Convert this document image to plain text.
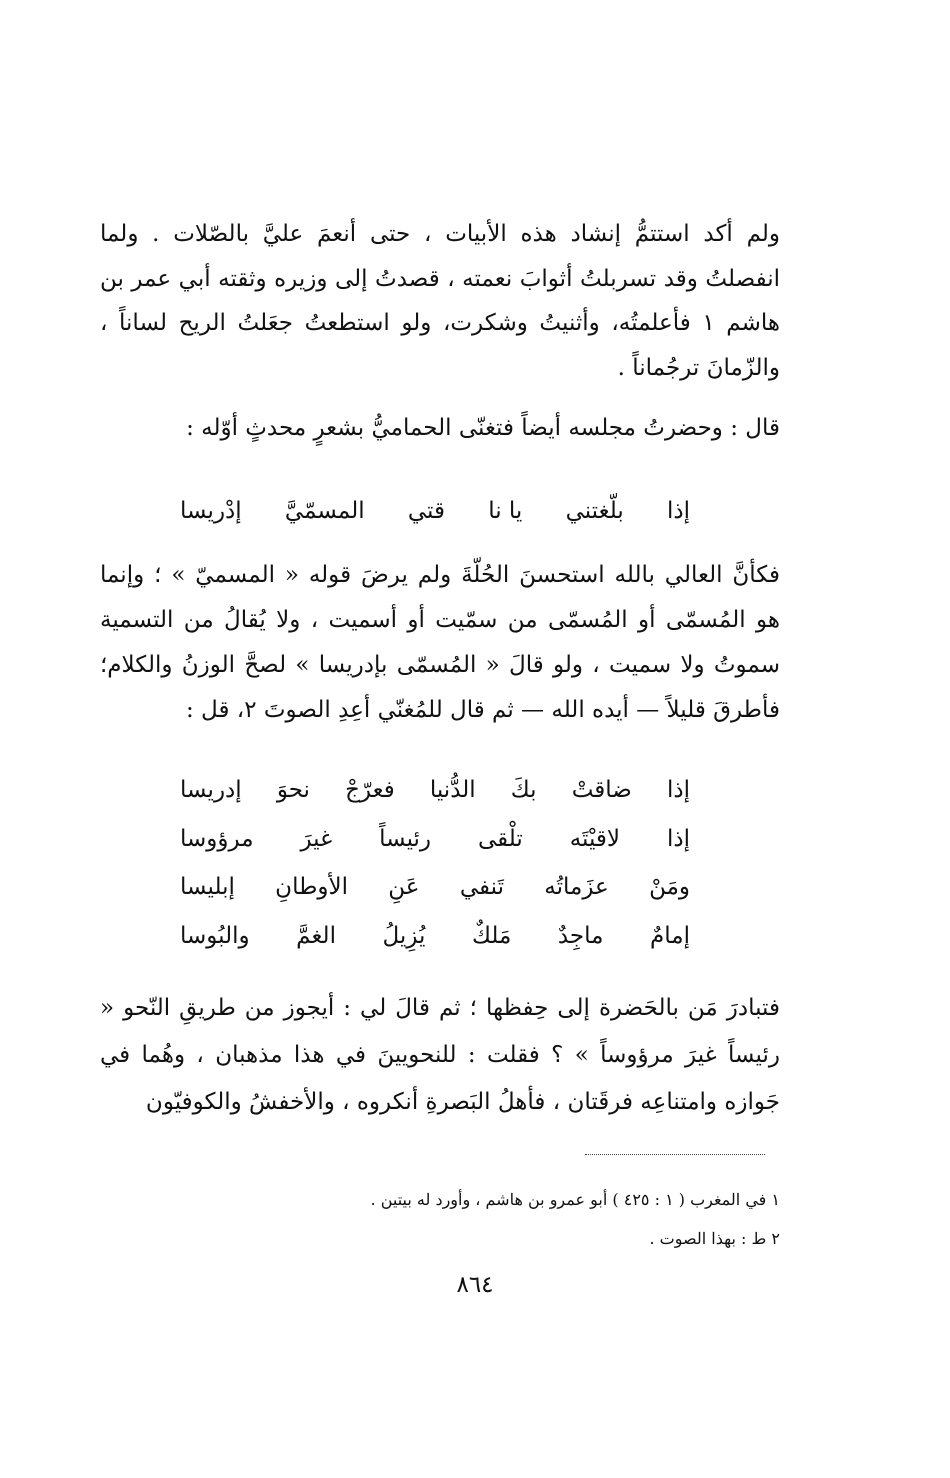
ولم أكد استتمُّ إنشاد هذه الأبيات ، حتى أنعمَ عليَّ بالصّلات . ولما انفصلتُ وقد تسربلتُ أثوابَ نعمته ، قصدتُ إلى وزيره وثقته أبي عمر بن هاشم ١ فأعلمتُه، وأثنيتُ وشكرت، ولو استطعتُ جعَلتُ الريح لساناً ، والزّمانَ ترجُماناً .
قال : وحضرتُ مجلسه أيضاً فتغنّى الحماميُّ بشعرٍ محدثٍ أوّله :
إذا
بلّغتني
يا نا
قتي
المسمّيَّ
إدْريسا
فكأنَّ العالي بالله استحسنَ الحُلّةَ ولم يرضَ قوله « المسميّ » ؛ وإنما هو المُسمّى أو المُسمّى من سمّيت أو أسميت ، ولا يُقالُ من التسمية سموتُ ولا سميت ، ولو قالَ « المُسمّى بإدريسا » لصحَّ الوزنُ والكلام؛ فأطرقَ قليلاً — أيده الله — ثم قال للمُغنّي أعِدِ الصوتَ ٢، قل :
إذا
ضاقتْ
بكَ
الدُّنيا
فعرّجْ
نحوَ
إدريسا
إذا
لاقيْتَه
تلْقى
رئيساً
غيرَ
مرؤوسا
ومَنْ
عزَماتُه
تَنفي
عَنِ
الأوطانِ
إبليسا
إمامٌ
ماجِدٌ
مَلكٌ
يُزِيلُ
الغمَّ
والبُوسا
فتبادرَ مَن بالحَضرة إلى حِفظها ؛ ثم قالَ لي : أيجوز من طريقِ النّحو « رئيساً غيرَ مرؤوساً » ؟ فقلت : للنحويينَ في هذا مذهبان ، وهُما في جَوازه وامتناعِه فرقَتان ، فأهلُ البَصرةِ أنكروه ، والأخفشُ والكوفيّون
١ في المغرب ( ١ : ٤٢٥ ) أبو عمرو بن هاشم ، وأورد له بيتين .
٢ ط : بهذا الصوت .
٨٦٤
